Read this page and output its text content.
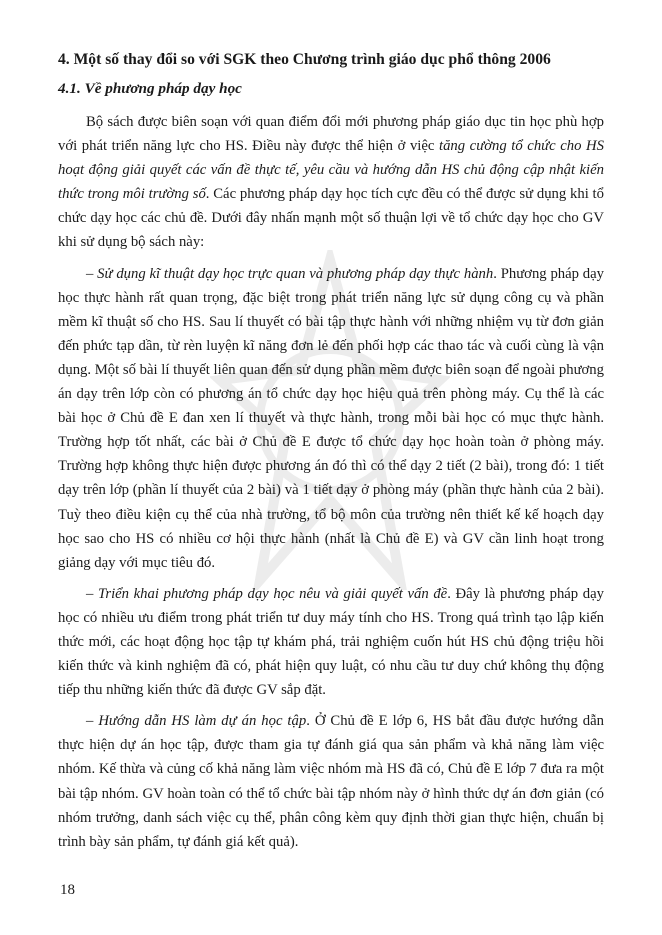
4. Một số thay đổi so với SGK theo Chương trình giáo dục phổ thông 2006
4.1. Về phương pháp dạy học

Bộ sách được biên soạn với quan điểm đổi mới phương pháp giáo dục tin học phù hợp với phát triển năng lực cho HS. Điều này được thể hiện ở việc tăng cường tổ chức cho HS hoạt động giải quyết các vấn đề thực tế, yêu cầu và hướng dẫn HS chủ động cập nhật kiến thức trong môi trường số. Các phương pháp dạy học tích cực đều có thể được sử dụng khi tổ chức dạy học các chủ đề. Dưới đây nhấn mạnh một số thuận lợi về tổ chức dạy học cho GV khi sử dụng bộ sách này:

– Sử dụng kĩ thuật dạy học trực quan và phương pháp dạy thực hành. Phương pháp dạy học thực hành rất quan trọng, đặc biệt trong phát triển năng lực sử dụng công cụ và phần mềm kĩ thuật số cho HS. Sau lí thuyết có bài tập thực hành với những nhiệm vụ từ đơn giản đến phức tạp dần, từ rèn luyện kĩ năng đơn lẻ đến phối hợp các thao tác và cuối cùng là vận dụng. Một số bài lí thuyết liên quan đến sử dụng phần mềm được biên soạn để ngoài phương án dạy trên lớp còn có phương án tổ chức dạy học hiệu quả trên phòng máy. Cụ thể là các bài học ở Chủ đề E đan xen lí thuyết và thực hành, trong mỗi bài học có mục thực hành. Trường hợp tốt nhất, các bài ở Chủ đề E được tổ chức dạy học hoàn toàn ở phòng máy. Trường hợp không thực hiện được phương án đó thì có thể dạy 2 tiết (2 bài), trong đó: 1 tiết dạy trên lớp (phần lí thuyết của 2 bài) và 1 tiết dạy ở phòng máy (phần thực hành của 2 bài). Tuỳ theo điều kiện cụ thể của nhà trường, tổ bộ môn của trường nên thiết kế kế hoạch dạy học sao cho HS có nhiều cơ hội thực hành (nhất là Chủ đề E) và GV cần linh hoạt trong giảng dạy với mục tiêu đó.

– Triển khai phương pháp dạy học nêu và giải quyết vấn đề. Đây là phương pháp dạy học có nhiều ưu điểm trong phát triển tư duy máy tính cho HS. Trong quá trình tạo lập kiến thức mới, các hoạt động học tập tự khám phá, trải nghiệm cuốn hút HS chủ động triệu hồi kiến thức và kinh nghiệm đã có, phát hiện quy luật, có nhu cầu tư duy chứ không thụ động tiếp thu những kiến thức đã được GV sắp đặt.

– Hướng dẫn HS làm dự án học tập. Ở Chủ đề E lớp 6, HS bắt đầu được hướng dẫn thực hiện dự án học tập, được tham gia tự đánh giá qua sản phẩm và khả năng làm việc nhóm. Kế thừa và củng cố khả năng làm việc nhóm mà HS đã có, Chủ đề E lớp 7 đưa ra một bài tập nhóm. GV hoàn toàn có thể tổ chức bài tập nhóm này ở hình thức dự án đơn giản (có nhóm trưởng, danh sách việc cụ thể, phân công kèm quy định thời gian thực hiện, chuẩn bị trình bày sản phẩm, tự đánh giá kết quả).

18
